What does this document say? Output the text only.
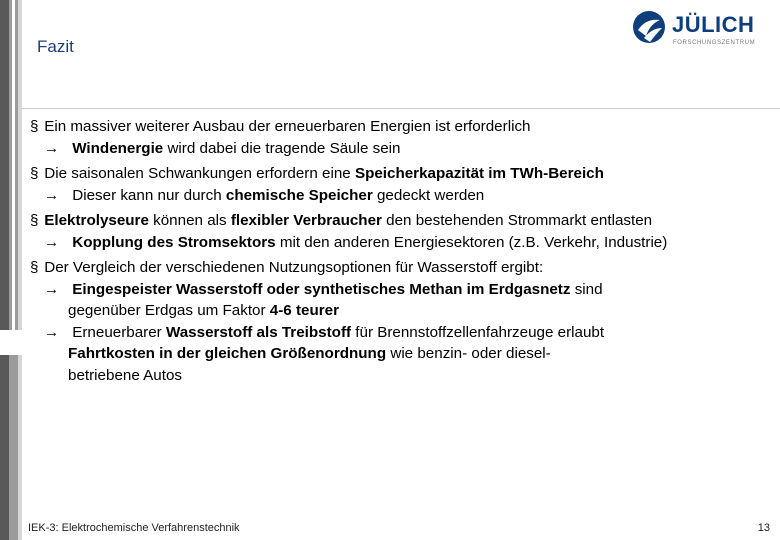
Fazit
JÜLICH
FORSCHUNGSZENTRUM
§ Ein massiver weiterer Ausbau der erneuerbaren Energien ist erforderlich
→ Windenergie wird dabei die tragende Säule sein
§ Die saisonalen Schwankungen erfordern eine Speicherkapazität im TWh-Bereich
→ Dieser kann nur durch chemische Speicher gedeckt werden
§ Elektrolyseure können als flexibler Verbraucher den bestehenden Strommarkt entlasten
→ Kopplung des Stromsektors mit den anderen Energiesektoren (z.B. Verkehr, Industrie)
§ Der Vergleich der verschiedenen Nutzungsoptionen für Wasserstoff ergibt:
→ Eingespeister Wasserstoff oder synthetisches Methan im Erdgasnetz sind
gegenüber Erdgas um Faktor 4-6 teurer
→ Erneuerbarer Wasserstoff als Treibstoff für Brennstoffzellenfahrzeuge erlaubt
Fahrtkosten in der gleichen Größenordnung wie benzin- oder diesel-
betriebene Autos
IEK-3: Elektrochemische Verfahrenstechnik	13
